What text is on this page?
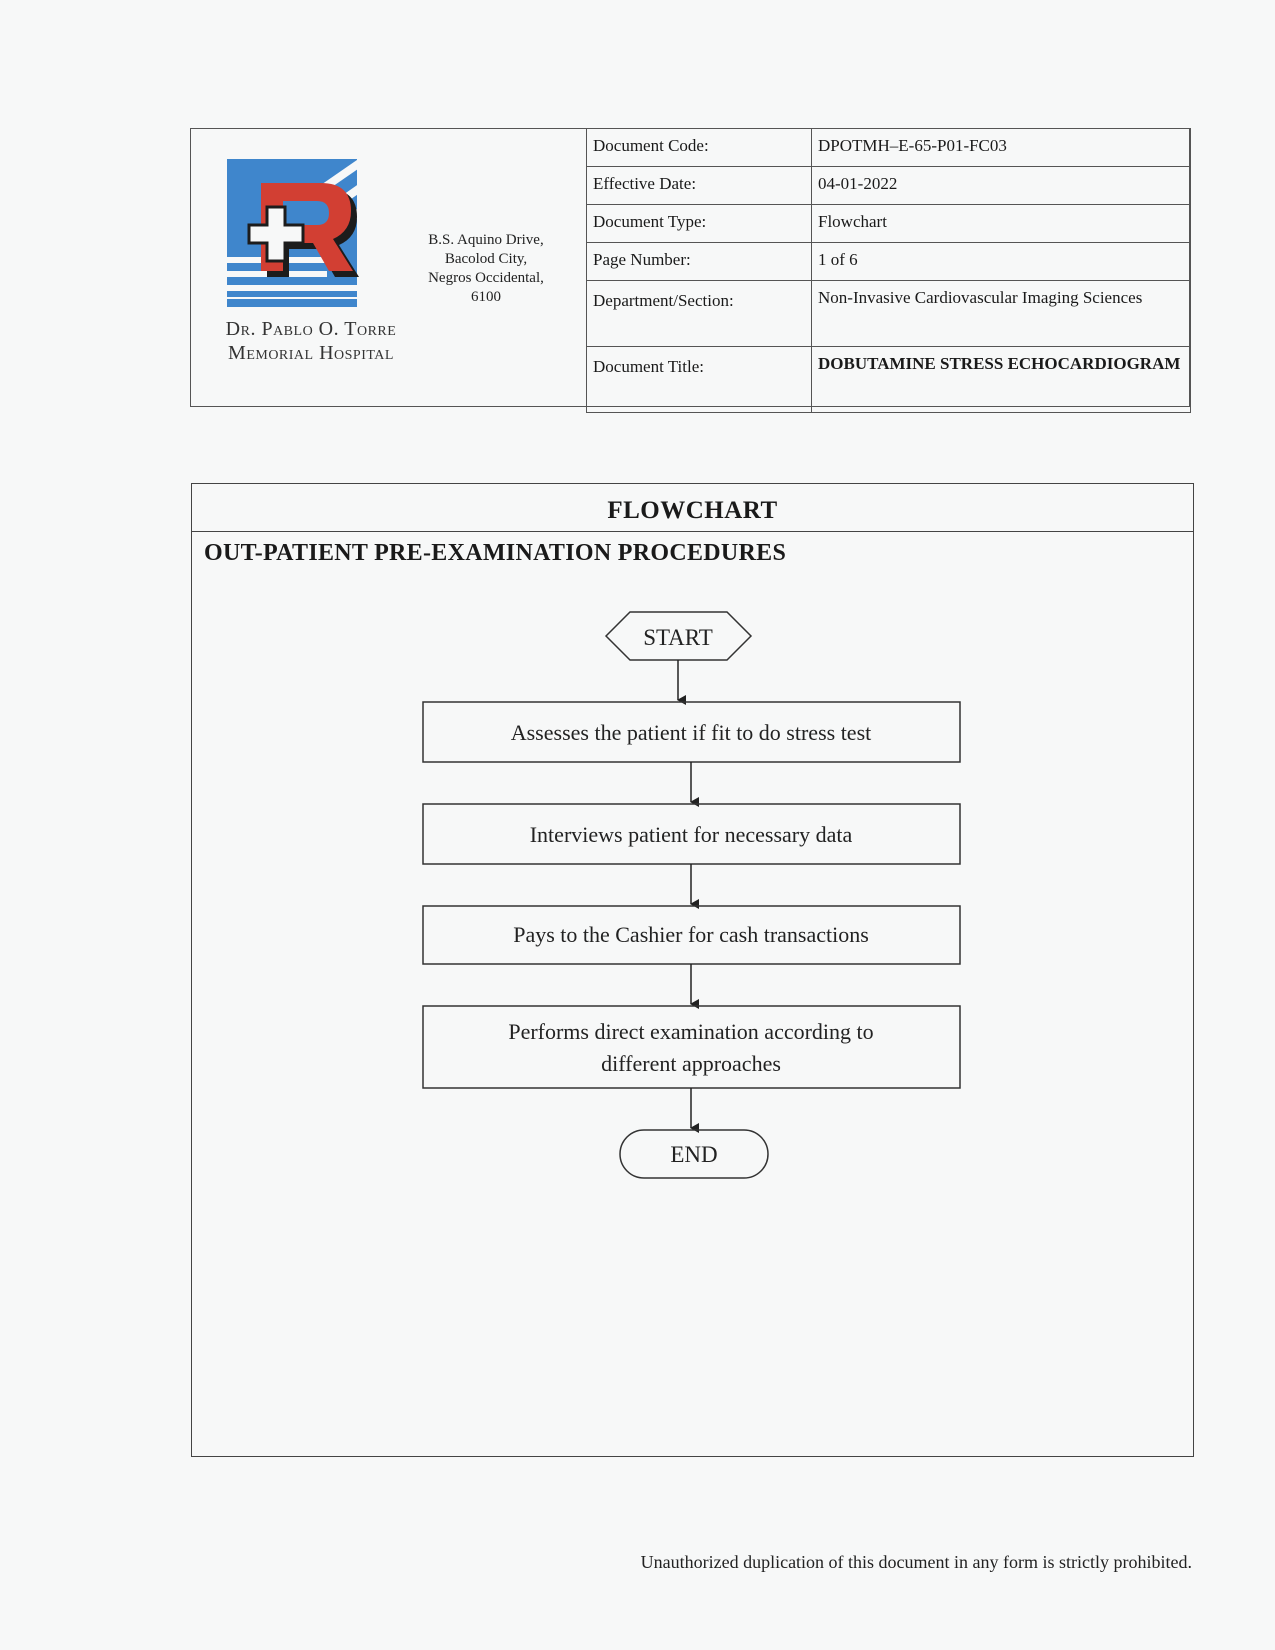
Dr. Pablo O. Torre
Memorial Hospital
B.S. Aquino Drive,
Bacolod City,
Negros Occidental,
6100
Document Code:	DPOTMH–E-65-P01-FC03
Effective Date:	04-01-2022
Document Type:	Flowchart
Page Number:	1 of 6
Department/Section:	Non-Invasive Cardiovascular Imaging Sciences
Document Title:	DOBUTAMINE STRESS ECHOCARDIOGRAM
FLOWCHART
OUT-PATIENT PRE-EXAMINATION PROCEDURES
START
Assesses the patient if fit to do stress test
Interviews patient for necessary data
Pays to the Cashier for cash transactions
Performs direct examination according to
different approaches
END
Unauthorized duplication of this document in any form is strictly prohibited.
